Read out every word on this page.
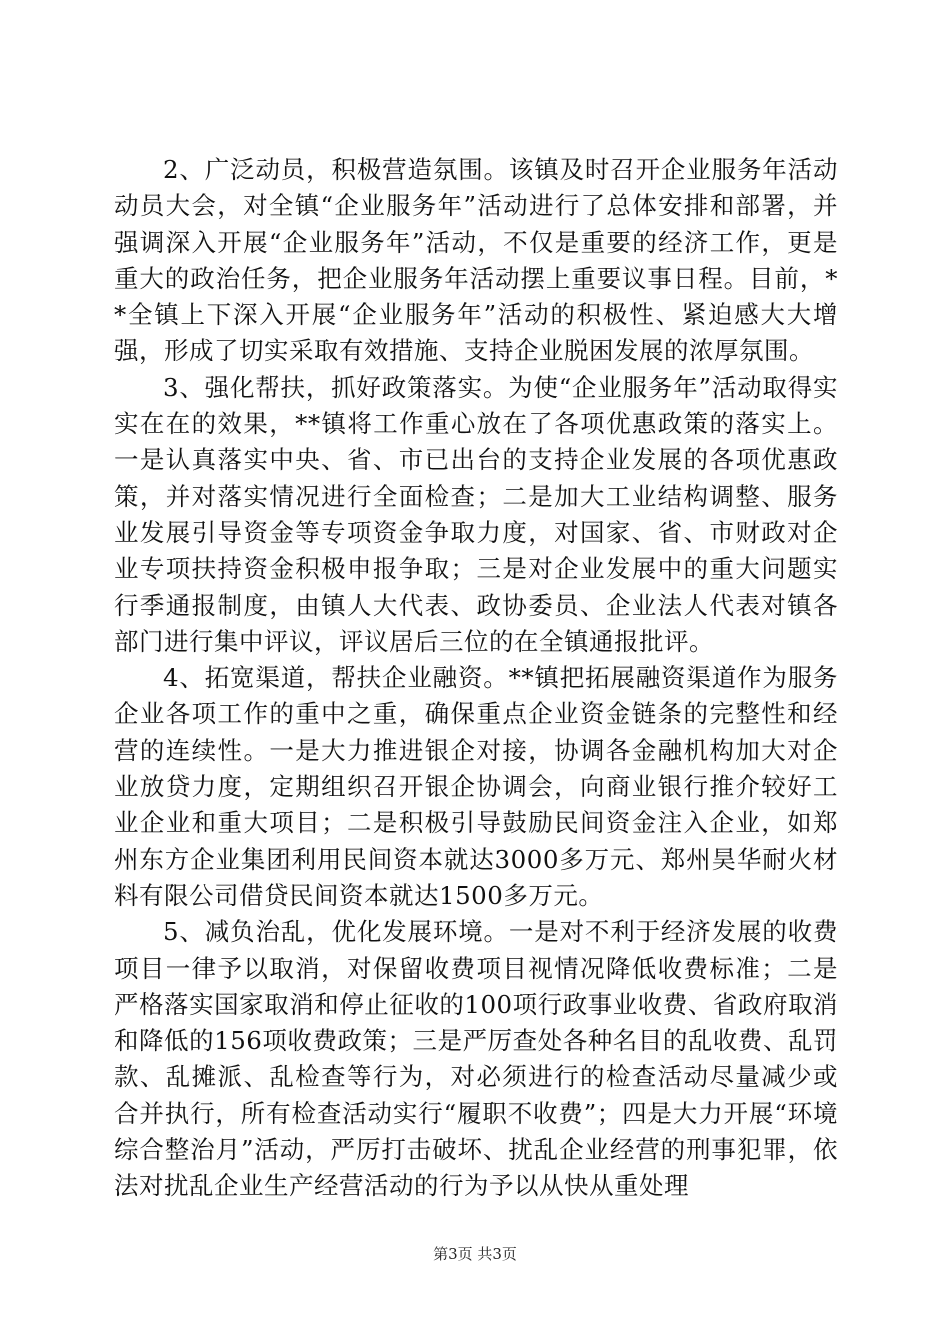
2、广泛动员，积极营造氛围。该镇及时召开企业服务年活动动员大会，对全镇“企业服务年”活动进行了总体安排和部署，并强调深入开展“企业服务年”活动，不仅是重要的经济工作，更是重大的政治任务，把企业服务年活动摆上重要议事日程。目前，**全镇上下深入开展“企业服务年”活动的积极性、紧迫感大大增强，形成了切实采取有效措施、支持企业脱困发展的浓厚氛围。

3、强化帮扶，抓好政策落实。为使“企业服务年”活动取得实实在在的效果，**镇将工作重心放在了各项优惠政策的落实上。一是认真落实中央、省、市已出台的支持企业发展的各项优惠政策，并对落实情况进行全面检查；二是加大工业结构调整、服务业发展引导资金等专项资金争取力度，对国家、省、市财政对企业专项扶持资金积极申报争取；三是对企业发展中的重大问题实行季通报制度，由镇人大代表、政协委员、企业法人代表对镇各部门进行集中评议，评议居后三位的在全镇通报批评。

4、拓宽渠道，帮扶企业融资。**镇把拓展融资渠道作为服务企业各项工作的重中之重，确保重点企业资金链条的完整性和经营的连续性。一是大力推进银企对接，协调各金融机构加大对企业放贷力度，定期组织召开银企协调会，向商业银行推介较好工业企业和重大项目；二是积极引导鼓励民间资金注入企业，如郑州东方企业集团利用民间资本就达3000多万元、郑州昊华耐火材料有限公司借贷民间资本就达1500多万元。

5、减负治乱，优化发展环境。一是对不利于经济发展的收费项目一律予以取消，对保留收费项目视情况降低收费标准；二是严格落实国家取消和停止征收的100项行政事业收费、省政府取消和降低的156项收费政策；三是严厉查处各种名目的乱收费、乱罚款、乱摊派、乱检查等行为，对必须进行的检查活动尽量减少或合并执行，所有检查活动实行“履职不收费”；四是大力开展“环境综合整治月”活动，严厉打击破坏、扰乱企业经营的刑事犯罪，依法对扰乱企业生产经营活动的行为予以从快从重处理

第3页 共3页
